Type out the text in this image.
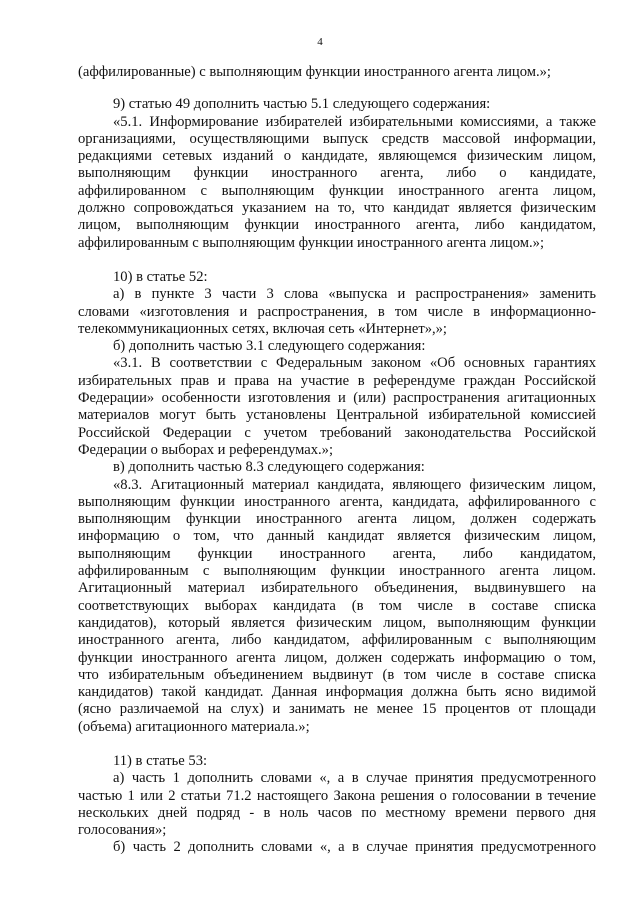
4

(аффилированные) с выполняющим функции иностранного агента лицом.»;

9) статью 49 дополнить частью 5.1 следующего содержания:

«5.1. Информирование избирателей избирательными комиссиями, а также

организациями, осуществляющими выпуск средств массовой информации,

редакциями сетевых изданий о кандидате, являющемся физическим лицом,

выполняющим функции иностранного агента, либо о кандидате,

аффилированном с выполняющим функции иностранного агента лицом,

должно сопровождаться указанием на то, что кандидат является физическим

лицом, выполняющим функции иностранного агента, либо кандидатом,

аффилированным с выполняющим функции иностранного агента лицом.»;

10) в статье 52:

а) в пункте 3 части 3 слова «выпуска и распространения» заменить

словами «изготовления и распространения, в том числе в информационно-

телекоммуникационных сетях, включая сеть «Интернет»,»;

б) дополнить частью 3.1 следующего содержания:

«3.1. В соответствии с Федеральным законом «Об основных гарантиях

избирательных прав и права на участие в референдуме граждан Российской

Федерации» особенности изготовления и (или) распространения агитационных

материалов могут быть установлены Центральной избирательной комиссией

Российской Федерации с учетом требований законодательства Российской

Федерации о выборах и референдумах.»;

в) дополнить частью 8.3 следующего содержания:

«8.3. Агитационный материал кандидата, являющего физическим лицом,

выполняющим функции иностранного агента, кандидата, аффилированного с

выполняющим функции иностранного агента лицом, должен содержать

информацию о том, что данный кандидат является физическим лицом,

выполняющим функции иностранного агента, либо кандидатом,

аффилированным с выполняющим функции иностранного агента лицом.

Агитационный материал избирательного объединения, выдвинувшего на

соответствующих выборах кандидата (в том числе в составе списка

кандидатов), который является физическим лицом, выполняющим функции

иностранного агента, либо кандидатом, аффилированным с выполняющим

функции иностранного агента лицом, должен содержать информацию о том,

что избирательным объединением выдвинут (в том числе в составе списка

кандидатов) такой кандидат. Данная информация должна быть ясно видимой

(ясно различаемой на слух) и занимать не менее 15 процентов от площади

(объема) агитационного материала.»;

11) в статье 53:

а) часть 1 дополнить словами «, а в случае принятия предусмотренного

частью 1 или 2 статьи 71.2 настоящего Закона решения о голосовании в течение

нескольких дней подряд - в ноль часов по местному времени первого дня

голосования»;

б) часть 2 дополнить словами «, а в случае принятия предусмотренного
